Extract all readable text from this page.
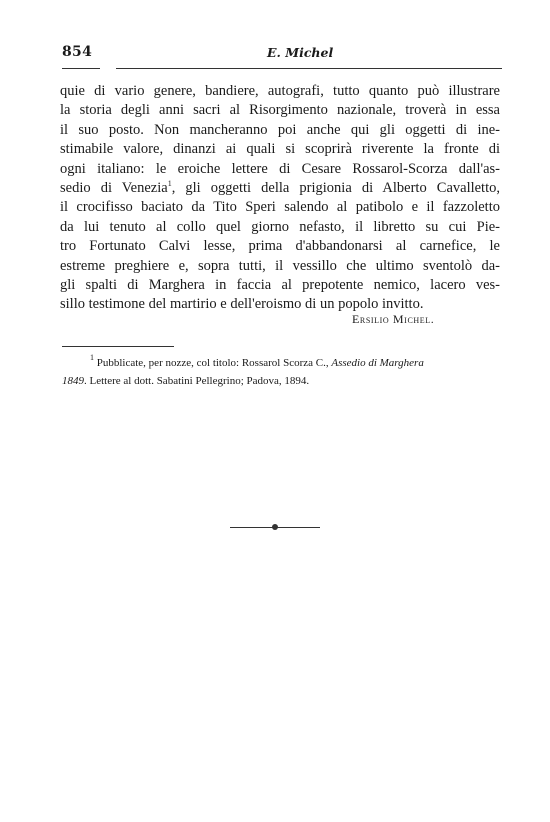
854	E. Michel
quie di vario genere, bandiere, autografi, tutto quanto può illustrare
la storia degli anni sacri al Risorgimento nazionale, troverà in essa
il suo posto. Non mancheranno poi anche qui gli oggetti di ine-
stimabile valore, dinanzi ai quali si scoprirà riverente la fronte di
ogni italiano: le eroiche lettere di Cesare Rossarol-Scorza dall'as-
sedio di Venezia$^1$, gli oggetti della prigionia di Alberto Cavalletto,
il crocifisso baciato da Tito Speri salendo al patibolo e il fazzoletto
da lui tenuto al collo quel giorno nefasto, il libretto su cui Pie-
tro Fortunato Calvi lesse, prima d'abbandonarsi al carnefice, le
estreme preghiere e, sopra tutti, il vessillo che ultimo sventolò da-
gli spalti di Marghera in faccia al prepotente nemico, lacero ves-
sillo testimone del martirio e dell'eroismo di un popolo invitto.
Ersilio Michel.
$^1$ Pubblicate, per nozze, col titolo: Rossarol Scorza C., Assedio di Marghera
1849. Lettere al dott. Sabatini Pellegrino; Padova, 1894.
